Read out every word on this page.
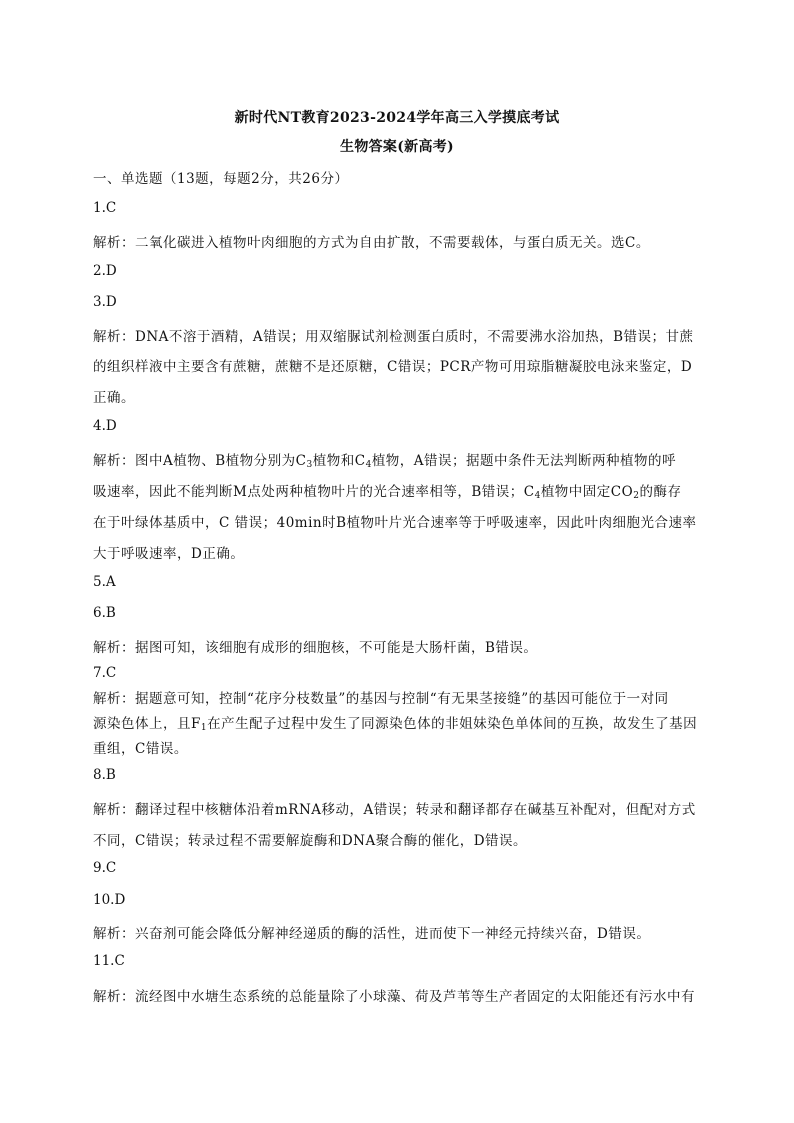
新时代NT教育2023-2024学年高三入学摸底考试
生物答案(新高考)
一、单选题（13题，每题2分，共26分）
1.C
解析：二氧化碳进入植物叶肉细胞的方式为自由扩散，不需要载体，与蛋白质无关。选C。
2.D
3.D
解析：DNA不溶于酒精，A错误；用双缩脲试剂检测蛋白质时，不需要沸水浴加热，B错误；甘蔗
的组织样液中主要含有蔗糖，蔗糖不是还原糖，C错误；PCR产物可用琼脂糖凝胶电泳来鉴定，D
正确。
4.D
解析：图中A植物、B植物分别为$C_3$植物和$C_4$植物，A错误；据题中条件无法判断两种植物的呼
吸速率，因此不能判断M点处两种植物叶片的光合速率相等，B错误；$C_4$植物中固定$CO_2$的酶存
在于叶绿体基质中，C 错误；40min时B植物叶片光合速率等于呼吸速率，因此叶肉细胞光合速率
大于呼吸速率，D正确。
5.A
6.B
解析：据图可知，该细胞有成形的细胞核，不可能是大肠杆菌，B错误。
7.C
解析：据题意可知，控制“花序分枝数量”的基因与控制“有无果茎接缝”的基因可能位于一对同
源染色体上，且$F_1$在产生配子过程中发生了同源染色体的非姐妹染色单体间的互换，故发生了基因
重组，C错误。
8.B
解析：翻译过程中核糖体沿着mRNA移动，A错误；转录和翻译都存在碱基互补配对，但配对方式
不同，C错误；转录过程不需要解旋酶和DNA聚合酶的催化，D错误。
9.C
10.D
解析：兴奋剂可能会降低分解神经递质的酶的活性，进而使下一神经元持续兴奋，D错误。
11.C
解析：流经图中水塘生态系统的总能量除了小球藻、荷及芦苇等生产者固定的太阳能还有污水中有
